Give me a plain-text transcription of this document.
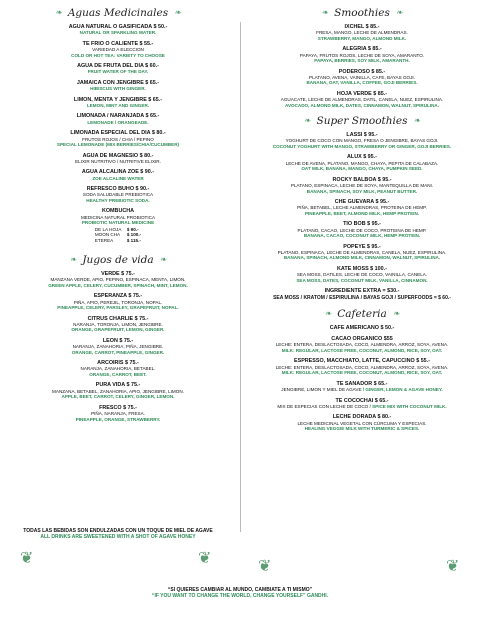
❧ Aguas Medicinales ❧
AGUA NATURAL O GASIFICADA $ 50.-
NATURAL OR SPARKLING WATER.
TE FRIO O CALIENTE $ 55.-
VARIEDAD A ELECCION
COLD OR HOT TEA: VARIETY TO CHOOSE
AGUA DE FRUTA DEL DIA $ 60.-
FRUIT WATER OF THE DAY.
JAMAICA CON JENGIBRE $ 65.-
HIBISCUS WITH GINGER.
LIMON, MENTA Y JENGIBRE $ 65.-
LEMON, MINT AND GINGER.
LIMONADA / NARANJADA $ 65.-
LEMONADE / ORANGEADE.
LIMONADA ESPECIAL DEL DIA $ 80.-
FRUTOS ROJOS / CHIA / PEPINO
SPECIAL LEMONADE (MIX BERRIES/CHIA/CUCUMBER)
AGUA DE MAGNESIO $ 80.-
ELIXIR NUTRITIVO / NUTRITIVE ELIXIR.
AGUA ALCALINA ZOE $ 90.-
ZOE ALCALINE WATER
REFRESCO BUHO $ 90.-
SODA SALUDABLE PREBIOTICA
HEALTHY PREBIOTIC SODA.
KOMBUCHA
MEDICINA NATURAL PROBIOTICA
PROBIOTIC NATURAL MEDICINE
DE LA HOJA $ 90.-
MOON CHA $ 100.-
ETEREA	$ 115.-
❧ Jugos de vida ❧
VERDE $ 75.-
MANZANA VERDE, APIO, PEPINO, ESPINACA, MENTA, LIMON.
GREEN APPLE, CELERY, CUCUMBER, SPINACH, MINT, LEMON.
ESPERANZA $ 75.-
PIÑA, APIO, PEREJIL, TORONJA, NOPAL.
PINEAPPLE, CELERY, PARSLEY, GRAPEFRUIT, NOPAL.
CITRUS CHARLIE $ 75.-
NARANJA, TORONJA, LIMON, JENGIBRE.
ORANGE, GRAPEFRUIT, LEMON, GINGER.
LEON $ 75.-
NARANJA, ZANAHORIA, PIÑA, JENGIBRE.
ORANGE, CARROT, PINEAPPLE, GINGER.
ARCOIRIS $ 75.-
NARANJA, ZANAHORIA, BETABEL.
ORANGE, CARROT, BEET.
PURA VIDA $ 75.-
MANZANA, BETABEL, ZANAHORIA, APIO, JENGIBRE, LIMON.
APPLE, BEET, CARROT, CELERY, GINGER, LEMON.
FRESCO $ 75.-
PIÑA, NARANJA, FRESA.
PINEAPPLE, ORANGE, STRAWBERRY.
TODAS LAS BEBIDAS SON ENDULZADAS CON UN TOQUE DE MIEL DE AGAVE
ALL DRINKS ARE SWEETENED WITH A SHOT OF AGAVE HONEY
❧ Smoothies ❧
IXCHEL $ 85.-
FRESA, MANGO, LECHE DE ALMENDRAS.
STRAWBERRY, MANGO, ALMOND MILK.
ALEGRIA $ 85.-
PAPAYA, FRUTOS ROJOS, LECHE DE SOYA, AMARANTO.
PAPAYA, BERRIES, SOY MILK, AMARANTH.
PODEROSO $ 85.-
PLATANO, AVENA, VAINILLA, CAFE, BAYAS GOJI.
BANANA, OAT, VANILLA, COFFEE, GOJI BERRIES.
HOJA VERDE $ 85.-
AGUACATE, LECHE DE ALMENDRAS, DATIL, CANELA, NUEZ, ESPIRULINA.
AVOCADO, ALMOND MILK, DATES, CINNAMON, WALNUT, SPIRULINA.
❧ Super Smoothies ❧
LASSI $ 95.-
YOGHURT DE COCO CON MANGO, FRESA O JENGIBRE, BAYAS GOJI.
COCONUT YOGHURT WITH MANGO, STRAWBERRY OR GINGER, GOJI BERRIES.
ALUX $ 95.-
LECHE DE AVENA, PLATANO, MANGO, CHAYA, PEPITA DE CALABAZA.
OAT MILK, BANANA, MANGO, CHAYA, PUMPKIN SEED.
ROCKY BALBOA $ 95.-
PLATANO, ESPINACA, LECHE DE SOYA, MANTEQUILLA DE MANI.
BANANA, SPINACH, SOY MILK, PEANUT BUTTER.
CHE GUEVARA $ 95.-
PIÑA, BETABEL, LECHE ALMENDRAS, PROTEINA DE HEMP.
PINEAPPLE, BEET, ALMOND MILK, HEMP PROTEIN.
TIO BOB $ 95.-
PLATANO, CACAO, LECHE DE COCO, PROTEINA DE HEMP.
BANANA, CACAO, COCONUT MILK, HEMP PROTEIN.
POPEYE $ 95.-
PLATANO, ESPINACA, LECHE DE ALMENDRAS, CANELA, NUEZ, ESPIRULINA.
BANANA, SPINACH, ALMOND MILK, CINNAMON, WALNUT, SPIRULINA.
KATE MOSS $ 100.-
SEA MOSS, DATILES, LECHE DE COCO, VAINILLA, CANELA.
SEA MOSS, DATES, COCONUT MILK, VANILLA, CINNAMON.
INGREDIENTE EXTRA = $30.-
SEA MOSS / KRATOM / ESPIRULINA / BAYAS GOJI / SUPERFOODS = $ 60.-
❧ Cafeteria ❧
CAFE AMERICANO $ 50.-
CACAO ORGANICO $55
LECHE: ENTERA, DESLACTOSADA, COCO, ALMENDRA, ARROZ, SOYA, AVENA.
MILK: REGULAR, LACTOSE FREE, COCONUT, ALMOND, RICE, SOY, OAT.
ESPRESSO, MACCHIATO, LATTE, CAPUCCINO $ 55.-
LECHE: ENTERA, DESLACTOSADA, COCO, ALMENDRA, ARROZ, SOYA, AVENA.
MILK: REGULAR, LACTOSE FREE, COCONUT, ALMOND, RICE, SOY, OAT.
TE SANADOR $ 65.-
JENGIBRE, LIMON Y MIEL DE AGAVE / GINGER, LEMON & AGAVE HONEY.
TE COCOCHAI $ 65.-
MIX DE ESPECIAS CON LECHE DE COCO / SPICE MIX WITH COCONUT MILK.
LECHE DORADA $ 80.-
LECHE MEDICINAL VEGETAL CON CÚRCUMA Y ESPECIAS.
HEALING VEGGIE MILK WITH TURMERIC & SPICES.
❦	❦	❦	❦
“SI QUIERES CAMBIAR AL MUNDO, CAMBIATE A TI MISMO”
“IF YOU WANT TO CHANGE THE WORLD, CHANGE YOURSELF” GANDHI.
